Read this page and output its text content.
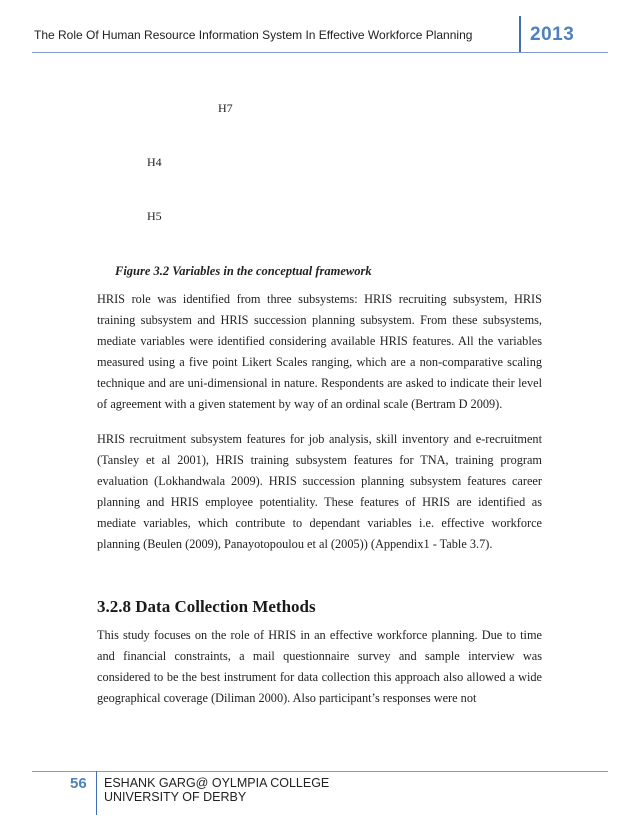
The Role Of Human Resource Information System In Effective Workforce Planning	2013
H7
H4
H5
Figure 3.2 Variables in the conceptual framework

HRIS role was identified from three subsystems: HRIS recruiting subsystem, HRIS training subsystem and HRIS succession planning subsystem. From these subsystems, mediate variables were identified considering available HRIS features. All the variables measured using a five point Likert Scales ranging, which are a non-comparative scaling technique and are uni-dimensional in nature. Respondents are asked to indicate their level of agreement with a given statement by way of an ordinal scale (Bertram D 2009).

HRIS recruitment subsystem features for job analysis, skill inventory and e-recruitment (Tansley et al 2001), HRIS training subsystem features for TNA, training program evaluation (Lokhandwala 2009). HRIS succession planning subsystem features career planning and HRIS employee potentiality. These features of HRIS are identified as mediate variables, which contribute to dependant variables i.e. effective workforce planning (Beulen (2009), Panayotopoulou et al (2005)) (Appendix1 - Table 3.7).

3.2.8 Data Collection Methods

This study focuses on the role of HRIS in an effective workforce planning. Due to time and financial constraints, a mail questionnaire survey and sample interview was considered to be the best instrument for data collection this approach also allowed a wide geographical coverage (Diliman 2000). Also participant’s responses were not

56 ESHANK GARG@ OYLMPIA COLLEGE
UNIVERSITY OF DERBY
